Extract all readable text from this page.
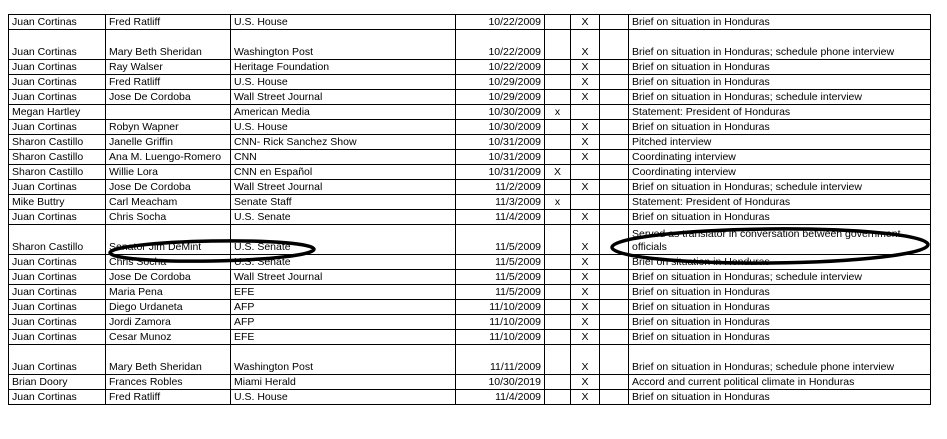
Juan Cortinas	Fred Ratliff	U.S. House	10/22/2009		X		Brief on situation in Honduras
Juan Cortinas	Mary Beth Sheridan	Washington Post	10/22/2009		X		Brief on situation in Honduras; schedule phone interview
Juan Cortinas	Ray Walser	Heritage Foundation	10/22/2009		X		Brief on situation in Honduras
Juan Cortinas	Fred Ratliff	U.S. House	10/29/2009		X		Brief on situation in Honduras
Juan Cortinas	Jose De Cordoba	Wall Street Journal	10/29/2009		X		Brief on situation in Honduras; schedule interview
Megan Hartley		American Media	10/30/2009	x			Statement: President of Honduras
Juan Cortinas	Robyn Wapner	U.S. House	10/30/2009		X		Brief on situation in Honduras
Sharon Castillo	Janelle Griffin	CNN- Rick Sanchez Show	10/31/2009		X		Pitched interview
Sharon Castillo	Ana M. Luengo-Romero	CNN	10/31/2009		X		Coordinating interview
Sharon Castillo	Willie Lora	CNN en Español	10/31/2009	X			Coordinating interview
Juan Cortinas	Jose De Cordoba	Wall Street Journal	11/2/2009		X		Brief on situation in Honduras; schedule interview
Mike Buttry	Carl Meacham	Senate Staff	11/3/2009	x			Statement: President of Honduras
Juan Cortinas	Chris Socha	U.S. Senate	11/4/2009		X		Brief on situation in Honduras
Sharon Castillo	Senator Jim DeMint	U.S. Senate	11/5/2009		X		Served as translator in conversation between government officials
Juan Cortinas	Chris Socha	U.S. Senate	11/5/2009		X		Brief on situation in Honduras
Juan Cortinas	Jose De Cordoba	Wall Street Journal	11/5/2009		X		Brief on situation in Honduras; schedule interview
Juan Cortinas	Maria Pena	EFE	11/5/2009		X		Brief on situation in Honduras
Juan Cortinas	Diego Urdaneta	AFP	11/10/2009		X		Brief on situation in Honduras
Juan Cortinas	Jordi Zamora	AFP	11/10/2009		X		Brief on situation in Honduras
Juan Cortinas	Cesar Munoz	EFE	11/10/2009		X		Brief on situation in Honduras
Juan Cortinas	Mary Beth Sheridan	Washington Post	11/11/2009		X		Brief on situation in Honduras; schedule phone interview
Brian Doory	Frances Robles	Miami Herald	10/30/2019		X		Accord and current political climate in Honduras
Juan Cortinas	Fred Ratliff	U.S. House	11/4/2009		X		Brief on situation in Honduras
